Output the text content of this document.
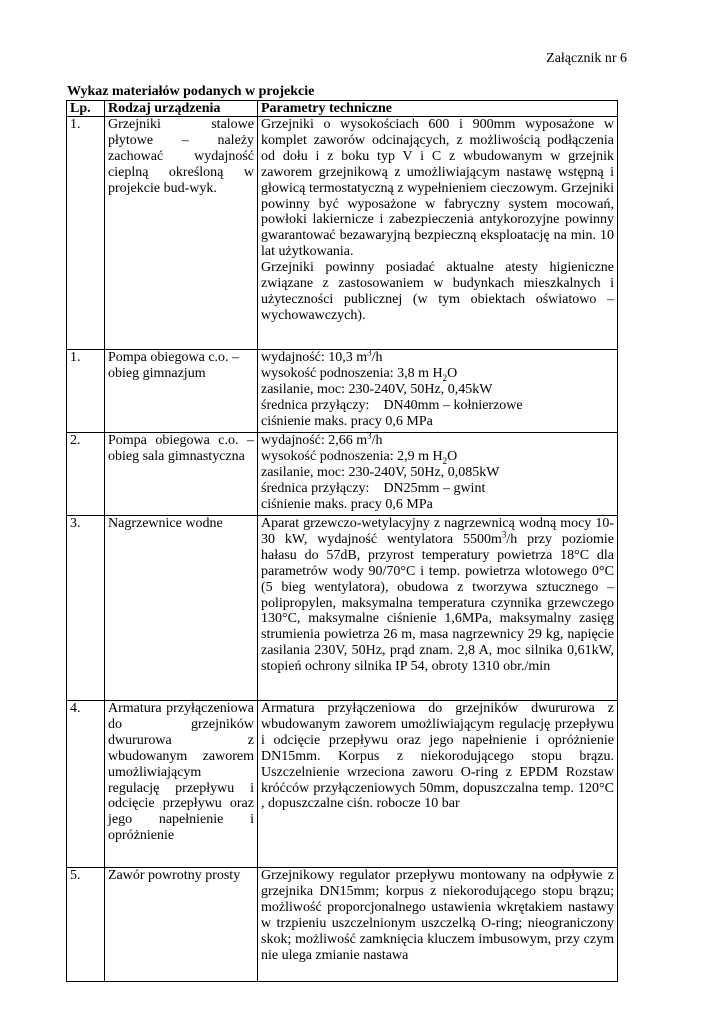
Załącznik nr 6
Wykaz materiałów podanych w projekcie
Lp.	Rodzaj urządzenia	Parametry techniczne
1.	Grzejniki stalowe płytowe – należy zachować wydajność cieplną określoną w projekcie bud-wyk.	Grzejniki o wysokościach 600 i 900mm wyposażone w komplet zaworów odcinających, z możliwością podłączenia od dołu i z boku typ V i C z wbudowanym w grzejnik zaworem grzejnikową z umożliwiającym nastawę wstępną i głowicą termostatyczną z wypełnieniem cieczowym. Grzejniki powinny być wyposażone w fabryczny system mocowań, powłoki lakiernicze i zabezpieczenia antykorozyjne powinny gwarantować bezawaryjną bezpieczną eksploatację na min. 10 lat użytkowania.
Grzejniki powinny posiadać aktualne atesty higieniczne związane z zastosowaniem w budynkach mieszkalnych i użyteczności publicznej (w tym obiektach oświatowo – wychowawczych).

1.	Pompa obiegowa c.o. – obieg gimnazjum	wydajność: 10,3 $m^3/h$
wysokość podnoszenia: 3,8 m $H_2O$
zasilanie, moc: 230-240V, 50Hz, 0,45kW
średnica przyłączy:    DN40mm – kołnierzowe
ciśnienie maks. pracy 0,6 MPa

2.	Pompa obiegowa c.o. – obieg sala gimnastyczna	wydajność: 2,66 $m^3/h$
wysokość podnoszenia: 2,9 m $H_2O$
zasilanie, moc: 230-240V, 50Hz, 0,085kW
średnica przyłączy:    DN25mm – gwint
ciśnienie maks. pracy 0,6 MPa

3.	Nagrzewnice wodne	Aparat grzewczo-wetylacyjny z nagrzewnicą wodną mocy 10-30 kW, wydajność wentylatora $5500m^3/h$ przy poziomie hałasu do 57dB, przyrost temperatury powietrza 18°C dla parametrów wody 90/70°C i temp. powietrza wlotowego 0°C (5 bieg wentylatora), obudowa z tworzywa sztucznego – polipropylen, maksymalna temperatura czynnika grzewczego 130°C, maksymalne ciśnienie 1,6MPa, maksymalny zasięg strumienia powietrza 26 m, masa nagrzewnicy 29 kg, napięcie zasilania 230V, 50Hz, prąd znam. 2,8 A, moc silnika 0,61kW, stopień ochrony silnika IP 54, obroty 1310 obr./min
4.	Armatura przyłączeniowa do grzejników dwururowa z wbudowanym zaworem umożliwiającym regulację przepływu i odcięcie przepływu oraz jego napełnienie i opróżnienie	Armatura przyłączeniowa do grzejników dwururowa z wbudowanym zaworem umożliwiającym regulację przepływu i odcięcie przepływu oraz jego napełnienie i opróżnienie DN15mm. Korpus z niekorodującego stopu brązu. Uszczelnienie wrzeciona zaworu O-ring z EPDM Rozstaw króćców przyłączeniowych 50mm, dopuszczalna temp. 120°C , dopuszczalne ciśn. robocze 10 bar
5.	Zawór powrotny prosty	Grzejnikowy regulator przepływu montowany na odpływie z grzejnika DN15mm; korpus z niekorodującego stopu brązu; możliwość proporcjonalnego ustawienia wkrętakiem nastawy w trzpieniu uszczelnionym uszczelką O-ring; nieograniczony skok; możliwość zamknięcia kluczem imbusowym, przy czym nie ulega zmianie nastawa
